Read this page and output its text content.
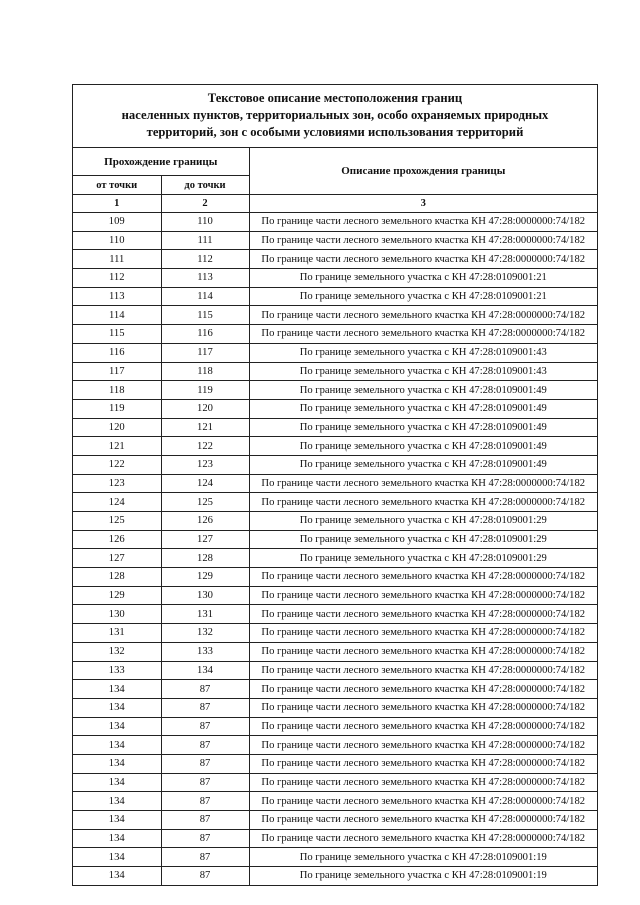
Текстовое описание местоположения границ
населенных пунктов, территориальных зон, особо охраняемых природных
территорий, зон с особыми условиями использования территорий
Прохождение границы		Описание прохождения границы
от точки	до точки	
1	2	3
109	110	По границе части лесного земельного кчастка КН 47:28:0000000:74/182
110	111	По границе части лесного земельного кчастка КН 47:28:0000000:74/182
111	112	По границе части лесного земельного кчастка КН 47:28:0000000:74/182
112	113	По границе земельного участка с КН 47:28:0109001:21
113	114	По границе земельного участка с КН 47:28:0109001:21
114	115	По границе части лесного земельного кчастка КН 47:28:0000000:74/182
115	116	По границе части лесного земельного кчастка КН 47:28:0000000:74/182
116	117	По границе земельного участка с КН 47:28:0109001:43
117	118	По границе земельного участка с КН 47:28:0109001:43
118	119	По границе земельного участка с КН 47:28:0109001:49
119	120	По границе земельного участка с КН 47:28:0109001:49
120	121	По границе земельного участка с КН 47:28:0109001:49
121	122	По границе земельного участка с КН 47:28:0109001:49
122	123	По границе земельного участка с КН 47:28:0109001:49
123	124	По границе части лесного земельного кчастка КН 47:28:0000000:74/182
124	125	По границе части лесного земельного кчастка КН 47:28:0000000:74/182
125	126	По границе земельного участка с КН 47:28:0109001:29
126	127	По границе земельного участка с КН 47:28:0109001:29
127	128	По границе земельного участка с КН 47:28:0109001:29
128	129	По границе части лесного земельного кчастка КН 47:28:0000000:74/182
129	130	По границе части лесного земельного кчастка КН 47:28:0000000:74/182
130	131	По границе части лесного земельного кчастка КН 47:28:0000000:74/182
131	132	По границе части лесного земельного кчастка КН 47:28:0000000:74/182
132	133	По границе части лесного земельного кчастка КН 47:28:0000000:74/182
133	134	По границе части лесного земельного кчастка КН 47:28:0000000:74/182
134	87	По границе части лесного земельного кчастка КН 47:28:0000000:74/182
134	87	По границе части лесного земельного кчастка КН 47:28:0000000:74/182
134	87	По границе части лесного земельного кчастка КН 47:28:0000000:74/182
134	87	По границе части лесного земельного кчастка КН 47:28:0000000:74/182
134	87	По границе части лесного земельного кчастка КН 47:28:0000000:74/182
134	87	По границе части лесного земельного кчастка КН 47:28:0000000:74/182
134	87	По границе части лесного земельного кчастка КН 47:28:0000000:74/182
134	87	По границе части лесного земельного кчастка КН 47:28:0000000:74/182
134	87	По границе части лесного земельного кчастка КН 47:28:0000000:74/182
134	87	По границе земельного участка с КН 47:28:0109001:19
134	87	По границе земельного участка с КН 47:28:0109001:19
